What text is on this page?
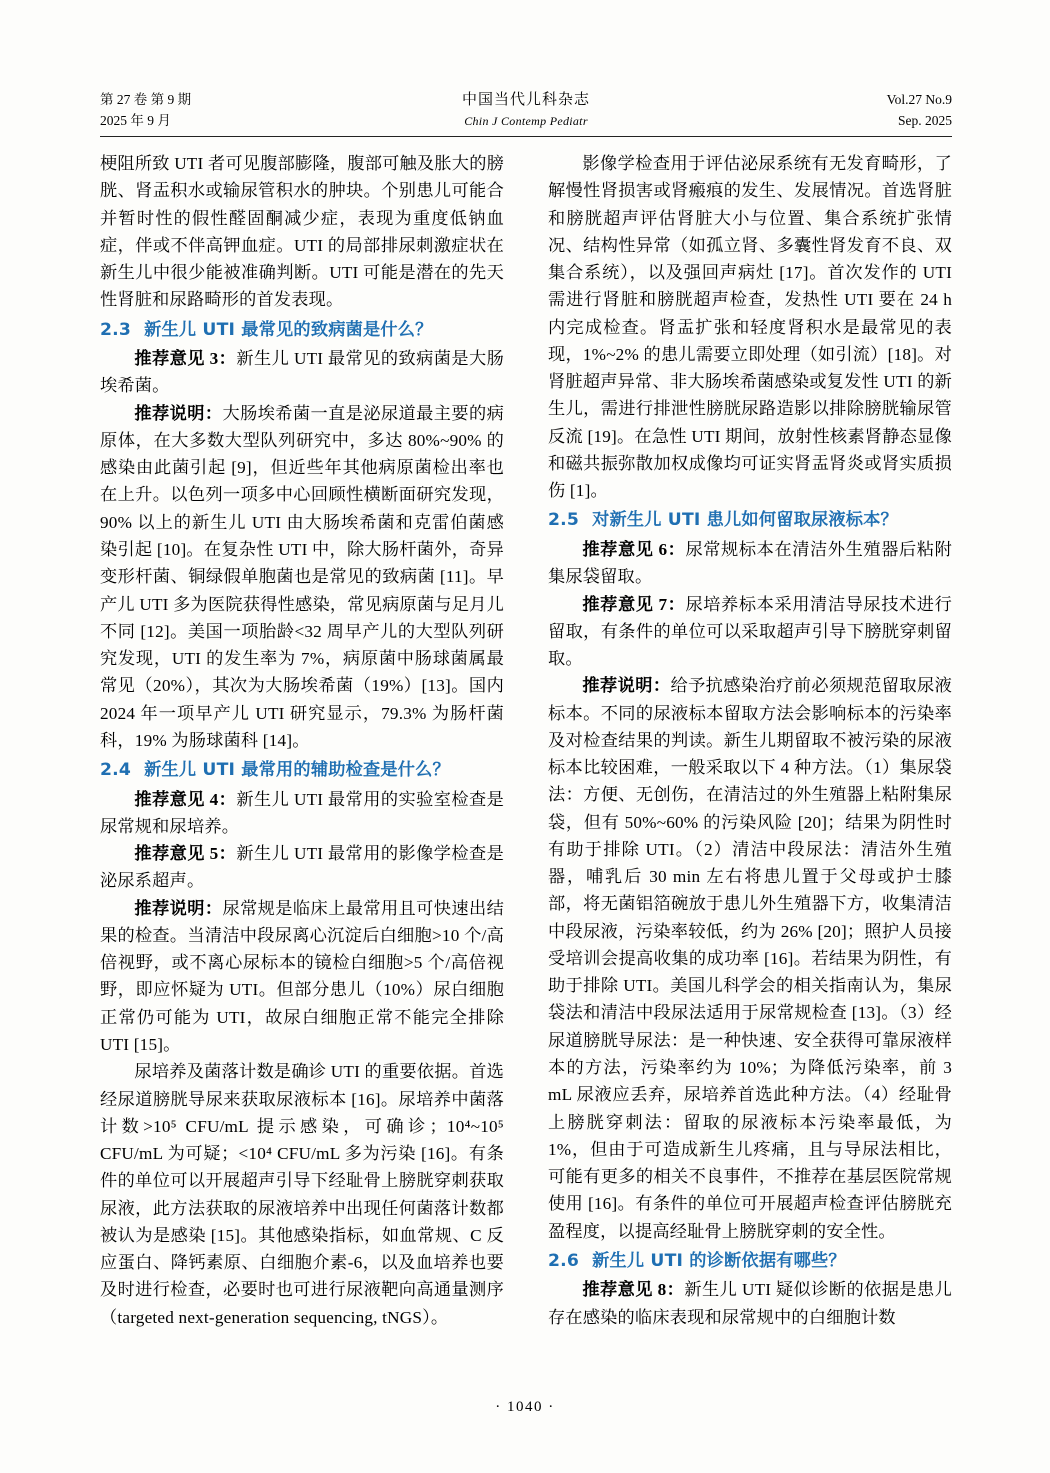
第 27 卷 第 9 期	中国当代儿科杂志	Vol.27 No.9
2025 年 9 月	Chin J Contemp Pediatr	Sep. 2025

梗阻所致 UTI 者可见腹部膨隆，腹部可触及胀大的膀胱、肾盂积水或输尿管积水的肿块。个别患儿可能合并暂时性的假性醛固酮减少症，表现为重度低钠血症，伴或不伴高钾血症。UTI 的局部排尿刺激症状在新生儿中很少能被准确判断。UTI 可能是潜在的先天性肾脏和尿路畸形的首发表现。

2.3 新生儿 UTI 最常见的致病菌是什么？

推荐意见 3：新生儿 UTI 最常见的致病菌是大肠埃希菌。

推荐说明：大肠埃希菌一直是泌尿道最主要的病原体，在大多数大型队列研究中，多达 80%~90% 的感染由此菌引起 [9]，但近些年其他病原菌检出率也在上升。以色列一项多中心回顾性横断面研究发现，90% 以上的新生儿 UTI 由大肠埃希菌和克雷伯菌感染引起 [10]。在复杂性 UTI 中，除大肠杆菌外，奇异变形杆菌、铜绿假单胞菌也是常见的致病菌 [11]。早产儿 UTI 多为医院获得性感染，常见病原菌与足月儿不同 [12]。美国一项胎龄<32 周早产儿的大型队列研究发现，UTI 的发生率为 7%，病原菌中肠球菌属最常见（20%），其次为大肠埃希菌（19%）[13]。国内 2024 年一项早产儿 UTI 研究显示，79.3% 为肠杆菌科，19% 为肠球菌科 [14]。

2.4 新生儿 UTI 最常用的辅助检查是什么？

推荐意见 4：新生儿 UTI 最常用的实验室检查是尿常规和尿培养。

推荐意见 5：新生儿 UTI 最常用的影像学检查是泌尿系超声。

推荐说明：尿常规是临床上最常用且可快速出结果的检查。当清洁中段尿离心沉淀后白细胞>10 个/高倍视野，或不离心尿标本的镜检白细胞>5 个/高倍视野，即应怀疑为 UTI。但部分患儿（10%）尿白细胞正常仍可能为 UTI，故尿白细胞正常不能完全排除 UTI [15]。

尿培养及菌落计数是确诊 UTI 的重要依据。首选经尿道膀胱导尿来获取尿液标本 [16]。尿培养中菌落计数>10⁵ CFU/mL 提示感染，可确诊；10⁴~10⁵ CFU/mL 为可疑；<10⁴ CFU/mL 多为污染 [16]。有条件的单位可以开展超声引导下经耻骨上膀胱穿刺获取尿液，此方法获取的尿液培养中出现任何菌落计数都被认为是感染 [15]。其他感染指标，如血常规、C 反应蛋白、降钙素原、白细胞介素-6，以及血培养也要及时进行检查，必要时也可进行尿液靶向高通量测序（targeted next-generation sequencing, tNGS）。

影像学检查用于评估泌尿系统有无发育畸形，了解慢性肾损害或肾瘢痕的发生、发展情况。首选肾脏和膀胱超声评估肾脏大小与位置、集合系统扩张情况、结构性异常（如孤立肾、多囊性肾发育不良、双集合系统），以及强回声病灶 [17]。首次发作的 UTI 需进行肾脏和膀胱超声检查，发热性 UTI 要在 24 h 内完成检查。肾盂扩张和轻度肾积水是最常见的表现，1%~2% 的患儿需要立即处理（如引流）[18]。对肾脏超声异常、非大肠埃希菌感染或复发性 UTI 的新生儿，需进行排泄性膀胱尿路造影以排除膀胱输尿管反流 [19]。在急性 UTI 期间，放射性核素肾静态显像和磁共振弥散加权成像均可证实肾盂肾炎或肾实质损伤 [1]。

2.5 对新生儿 UTI 患儿如何留取尿液标本？

推荐意见 6：尿常规标本在清洁外生殖器后粘附集尿袋留取。

推荐意见 7：尿培养标本采用清洁导尿技术进行留取，有条件的单位可以采取超声引导下膀胱穿刺留取。

推荐说明：给予抗感染治疗前必须规范留取尿液标本。不同的尿液标本留取方法会影响标本的污染率及对检查结果的判读。新生儿期留取不被污染的尿液标本比较困难，一般采取以下 4 种方法。（1）集尿袋法：方便、无创伤，在清洁过的外生殖器上粘附集尿袋，但有 50%~60% 的污染风险 [20]；结果为阴性时有助于排除 UTI。（2）清洁中段尿法：清洁外生殖器，哺乳后 30 min 左右将患儿置于父母或护士膝部，将无菌铝箔碗放于患儿外生殖器下方，收集清洁中段尿液，污染率较低，约为 26% [20]；照护人员接受培训会提高收集的成功率 [16]。若结果为阴性，有助于排除 UTI。美国儿科学会的相关指南认为，集尿袋法和清洁中段尿法适用于尿常规检查 [13]。（3）经尿道膀胱导尿法：是一种快速、安全获得可靠尿液样本的方法，污染率约为 10%；为降低污染率，前 3 mL 尿液应丢弃，尿培养首选此种方法。（4）经耻骨上膀胱穿刺法：留取的尿液标本污染率最低，为 1%，但由于可造成新生儿疼痛，且与导尿法相比，可能有更多的相关不良事件，不推荐在基层医院常规使用 [16]。有条件的单位可开展超声检查评估膀胱充盈程度，以提高经耻骨上膀胱穿刺的安全性。

2.6 新生儿 UTI 的诊断依据有哪些？

推荐意见 8：新生儿 UTI 疑似诊断的依据是患儿存在感染的临床表现和尿常规中的白细胞计数

· 1040 ·
